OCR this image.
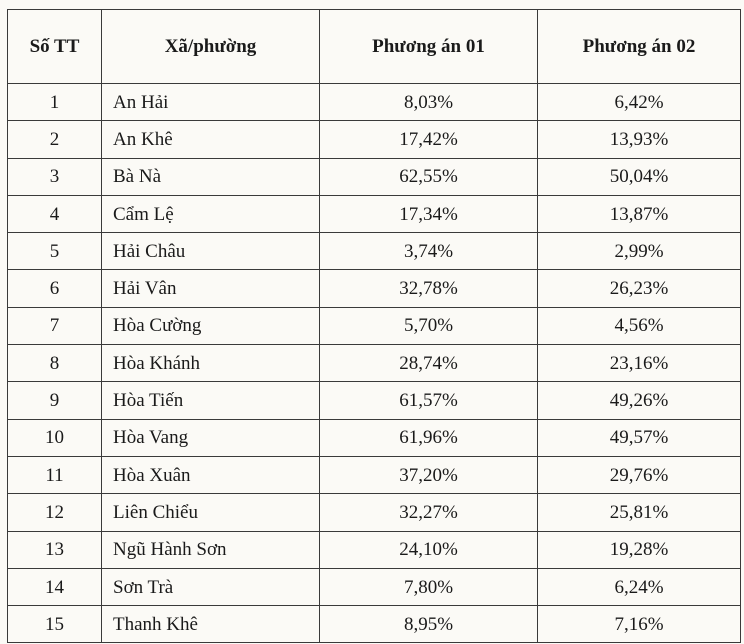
Số TT	Xã/phường	Phương án 01	Phương án 02
1	An Hải	8,03%	6,42%
2	An Khê	17,42%	13,93%
3	Bà Nà	62,55%	50,04%
4	Cẩm Lệ	17,34%	13,87%
5	Hải Châu	3,74%	2,99%
6	Hải Vân	32,78%	26,23%
7	Hòa Cường	5,70%	4,56%
8	Hòa Khánh	28,74%	23,16%
9	Hòa Tiến	61,57%	49,26%
10	Hòa Vang	61,96%	49,57%
11	Hòa Xuân	37,20%	29,76%
12	Liên Chiểu	32,27%	25,81%
13	Ngũ Hành Sơn	24,10%	19,28%
14	Sơn Trà	7,80%	6,24%
15	Thanh Khê	8,95%	7,16%
